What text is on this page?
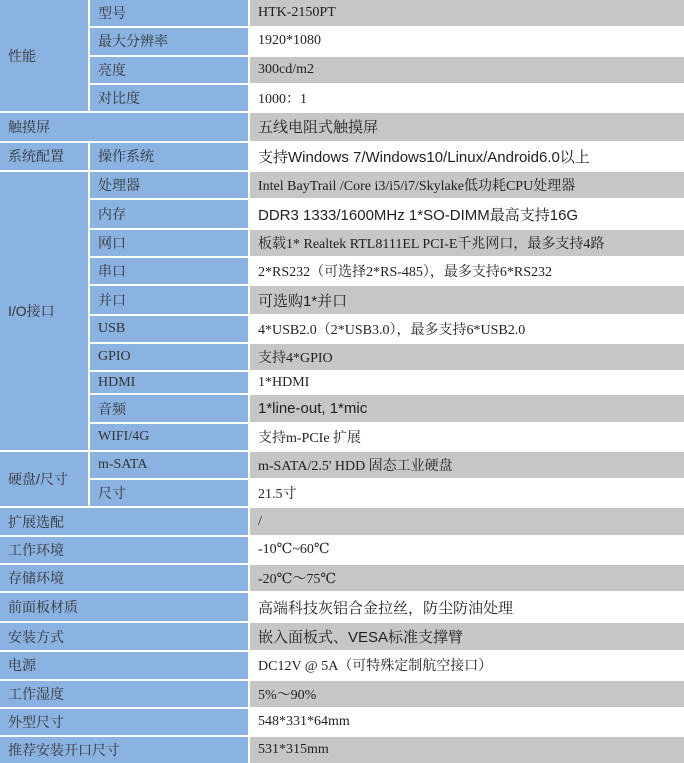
性能	型号	HTK-2150PT
	最大分辨率	1920*1080
	亮度	300cd/m2
	对比度	1000：1
触摸屏		五线电阻式触摸屏
系统配置	操作系统	支持Windows 7/Windows10/Linux/Android6.0以上
I/O接口	处理器	Intel BayTrail /Core i3/i5/i7/Skylake低功耗CPU处理器
	内存	DDR3 1333/1600MHz 1*SO-DIMM最高支持16G
	网口	板载1* Realtek RTL8111EL PCI-E千兆网口，最多支持4路
	串口	2*RS232（可选择2*RS-485），最多支持6*RS232
	并口	可选购1*并口
	USB	4*USB2.0（2*USB3.0），最多支持6*USB2.0
	GPIO	支持4*GPIO
	HDMI	1*HDMI
	音频	1*line-out, 1*mic
	WIFI/4G	支持m-PCIe 扩展
硬盘/尺寸	m-SATA	m-SATA/2.5' HDD 固态工业硬盘
	尺寸	21.5寸
扩展选配		/
工作环境		-10℃~60℃
存储环境		-20℃～75℃
前面板材质		高端科技灰铝合金拉丝，防尘防油处理
安装方式		嵌入面板式、VESA标准支撑臂
电源		DC12V @ 5A（可特殊定制航空接口）
工作湿度		5%～90%
外型尺寸		548*331*64mm
推荐安装开口尺寸		531*315mm
